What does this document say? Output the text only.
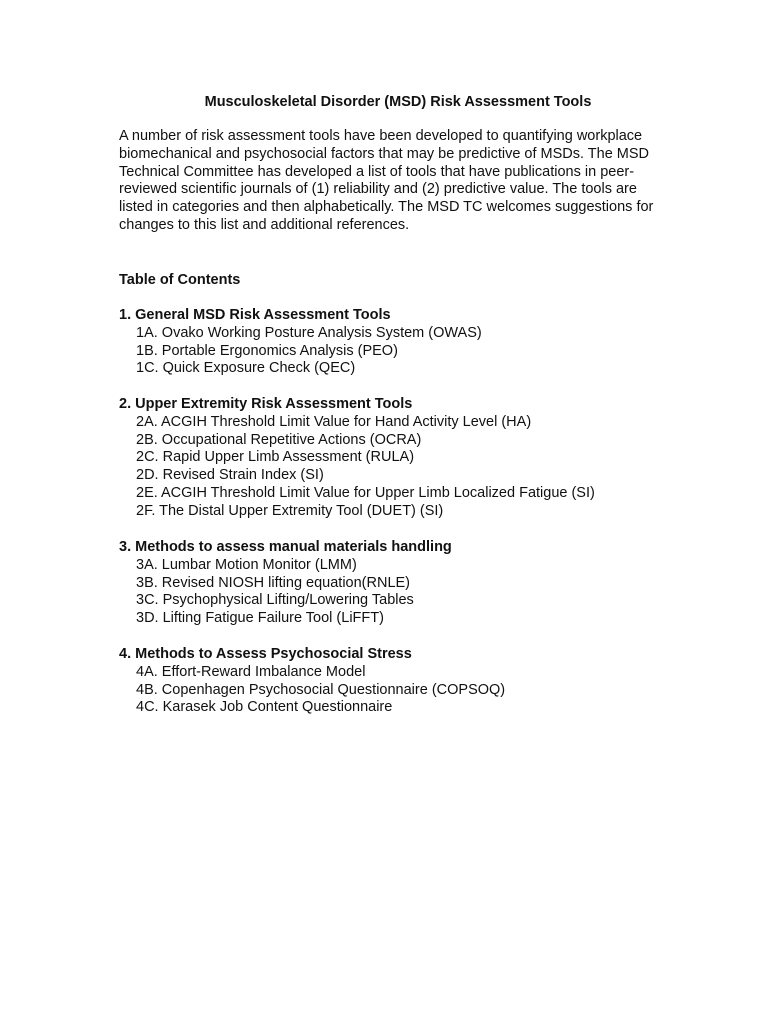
Musculoskeletal Disorder (MSD) Risk Assessment Tools
A number of risk assessment tools have been developed to quantifying workplace
biomechanical and psychosocial factors that may be predictive of MSDs. The MSD
Technical Committee has developed a list of tools that have publications in peer-
reviewed scientific journals of (1) reliability and (2) predictive value. The tools are
listed in categories and then alphabetically. The MSD TC welcomes suggestions for
changes to this list and additional references.
Table of Contents
1. General MSD Risk Assessment Tools
1A. Ovako Working Posture Analysis System (OWAS)
1B. Portable Ergonomics Analysis (PEO)
1C. Quick Exposure Check (QEC)
2. Upper Extremity Risk Assessment Tools
2A. ACGIH Threshold Limit Value for Hand Activity Level (HA)
2B. Occupational Repetitive Actions (OCRA)
2C. Rapid Upper Limb Assessment (RULA)
2D. Revised Strain Index (SI)
2E. ACGIH Threshold Limit Value for Upper Limb Localized Fatigue (SI)
2F. The Distal Upper Extremity Tool (DUET) (SI)
3. Methods to assess manual materials handling
3A. Lumbar Motion Monitor (LMM)
3B. Revised NIOSH lifting equation(RNLE)
3C. Psychophysical Lifting/Lowering Tables
3D. Lifting Fatigue Failure Tool (LiFFT)
4. Methods to Assess Psychosocial Stress
4A. Effort-Reward Imbalance Model
4B. Copenhagen Psychosocial Questionnaire (COPSOQ)
4C. Karasek Job Content Questionnaire
